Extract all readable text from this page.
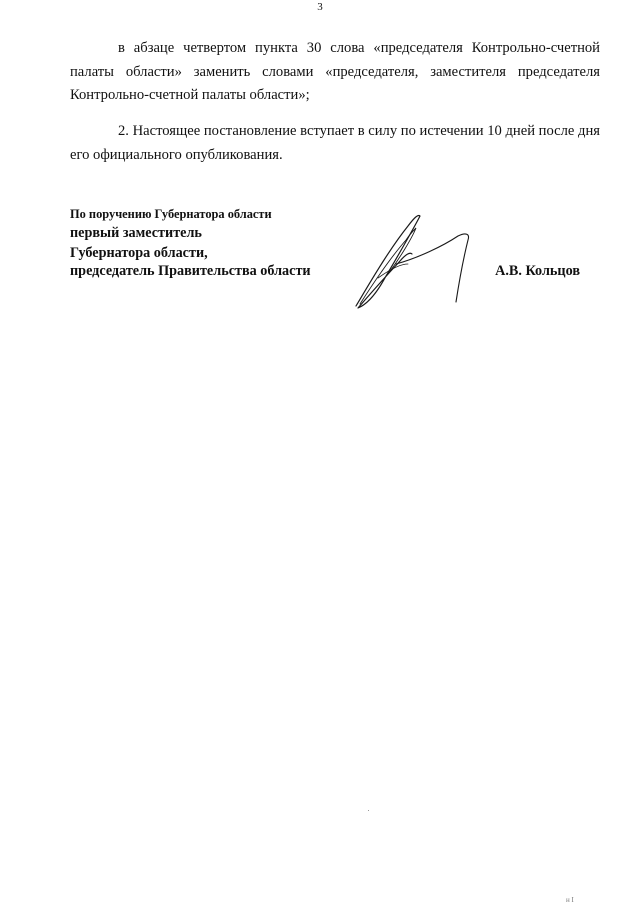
3

в абзаце четвертом пункта 30 слова «председателя Контрольно-счетной палаты области» заменить словами «председателя, заместителя председателя Контрольно-счетной палаты области»;

2. Настоящее постановление вступает в силу по истечении 10 дней после дня его официального опубликования.

По поручению Губернатора области
первый заместитель
Губернатора области,
председатель Правительства области	А.В. Кольцов
н I
